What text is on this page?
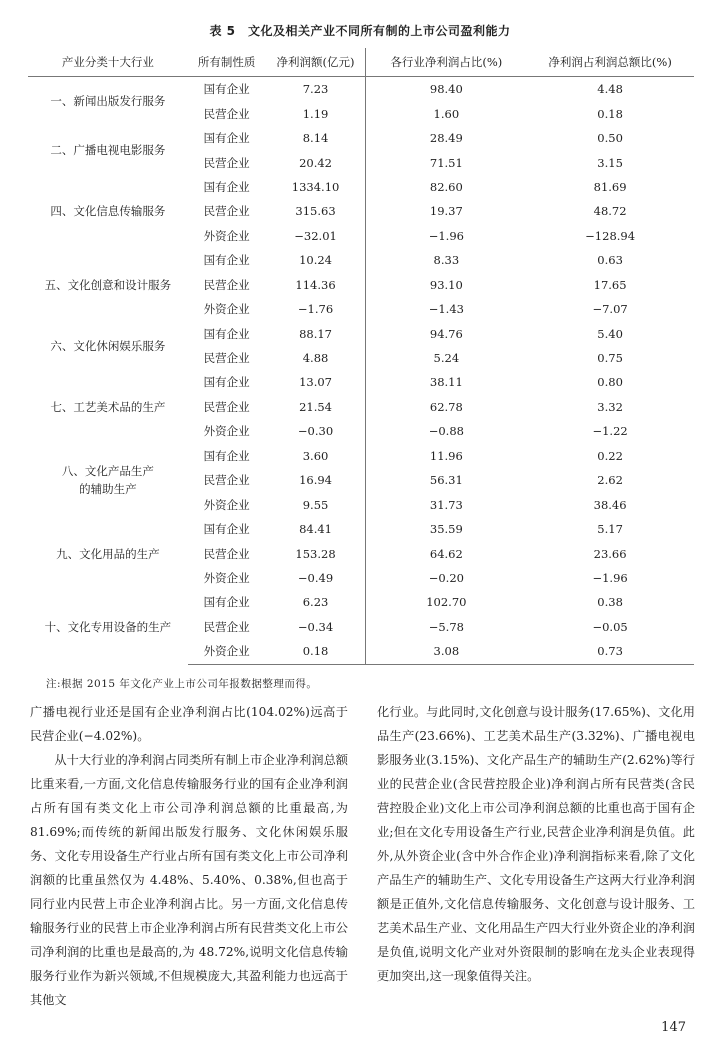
表 5　文化及相关产业不同所有制的上市公司盈利能力
产业分类十大行业	所有制性质	净利润额(亿元)	各行业净利润占比(%)	净利润占利润总额比(%)
一、新闻出版发行服务	国有企业	7.23	98.40	4.48
	民营企业	1.19	1.60	0.18
二、广播电视电影服务	国有企业	8.14	28.49	0.50
	民营企业	20.42	71.51	3.15
四、文化信息传输服务	国有企业	1334.10	82.60	81.69
	民营企业	315.63	19.37	48.72
	外资企业	−32.01	−1.96	−128.94
五、文化创意和设计服务	国有企业	10.24	8.33	0.63
	民营企业	114.36	93.10	17.65
	外资企业	−1.76	−1.43	−7.07
六、文化休闲娱乐服务	国有企业	88.17	94.76	5.40
	民营企业	4.88	5.24	0.75
七、工艺美术品的生产	国有企业	13.07	38.11	0.80
	民营企业	21.54	62.78	3.32
	外资企业	−0.30	−0.88	−1.22
八、文化产品生产
的辅助生产	国有企业	3.60	11.96	0.22
	民营企业	16.94	56.31	2.62
	外资企业	9.55	31.73	38.46
九、文化用品的生产	国有企业	84.41	35.59	5.17
	民营企业	153.28	64.62	23.66
	外资企业	−0.49	−0.20	−1.96
十、文化专用设备的生产	国有企业	6.23	102.70	0.38
	民营企业	−0.34	−5.78	−0.05
	外资企业	0.18	3.08	0.73
注:根据 2015 年文化产业上市公司年报数据整理而得。

广播电视行业还是国有企业净利润占比(104.02%)远高于民营企业(−4.02%)。

从十大行业的净利润占同类所有制上市企业净利润总额比重来看,一方面,文化信息传输服务行业的国有企业净利润占所有国有类文化上市公司净利润总额的比重最高,为 81.69%;而传统的新闻出版发行服务、文化休闲娱乐服务、文化专用设备生产行业占所有国有类文化上市公司净利润额的比重虽然仅为 4.48%、5.40%、0.38%,但也高于同行业内民营上市企业净利润占比。另一方面,文化信息传输服务行业的民营上市企业净利润占所有民营类文化上市公司净利润的比重也是最高的,为 48.72%,说明文化信息传输服务行业作为新兴领域,不但规模庞大,其盈利能力也远高于其他文

化行业。与此同时,文化创意与设计服务(17.65%)、文化用品生产(23.66%)、工艺美术品生产(3.32%)、广播电视电影服务业(3.15%)、文化产品生产的辅助生产(2.62%)等行业的民营企业(含民营控股企业)净利润占所有民营类(含民营控股企业)文化上市公司净利润总额的比重也高于国有企业;但在文化专用设备生产行业,民营企业净利润是负值。此外,从外资企业(含中外合作企业)净利润指标来看,除了文化产品生产的辅助生产、文化专用设备生产这两大行业净利润额是正值外,文化信息传输服务、文化创意与设计服务、工艺美术品生产业、文化用品生产四大行业外资企业的净利润是负值,说明文化产业对外资限制的影响在龙头企业表现得更加突出,这一现象值得关注。

147
